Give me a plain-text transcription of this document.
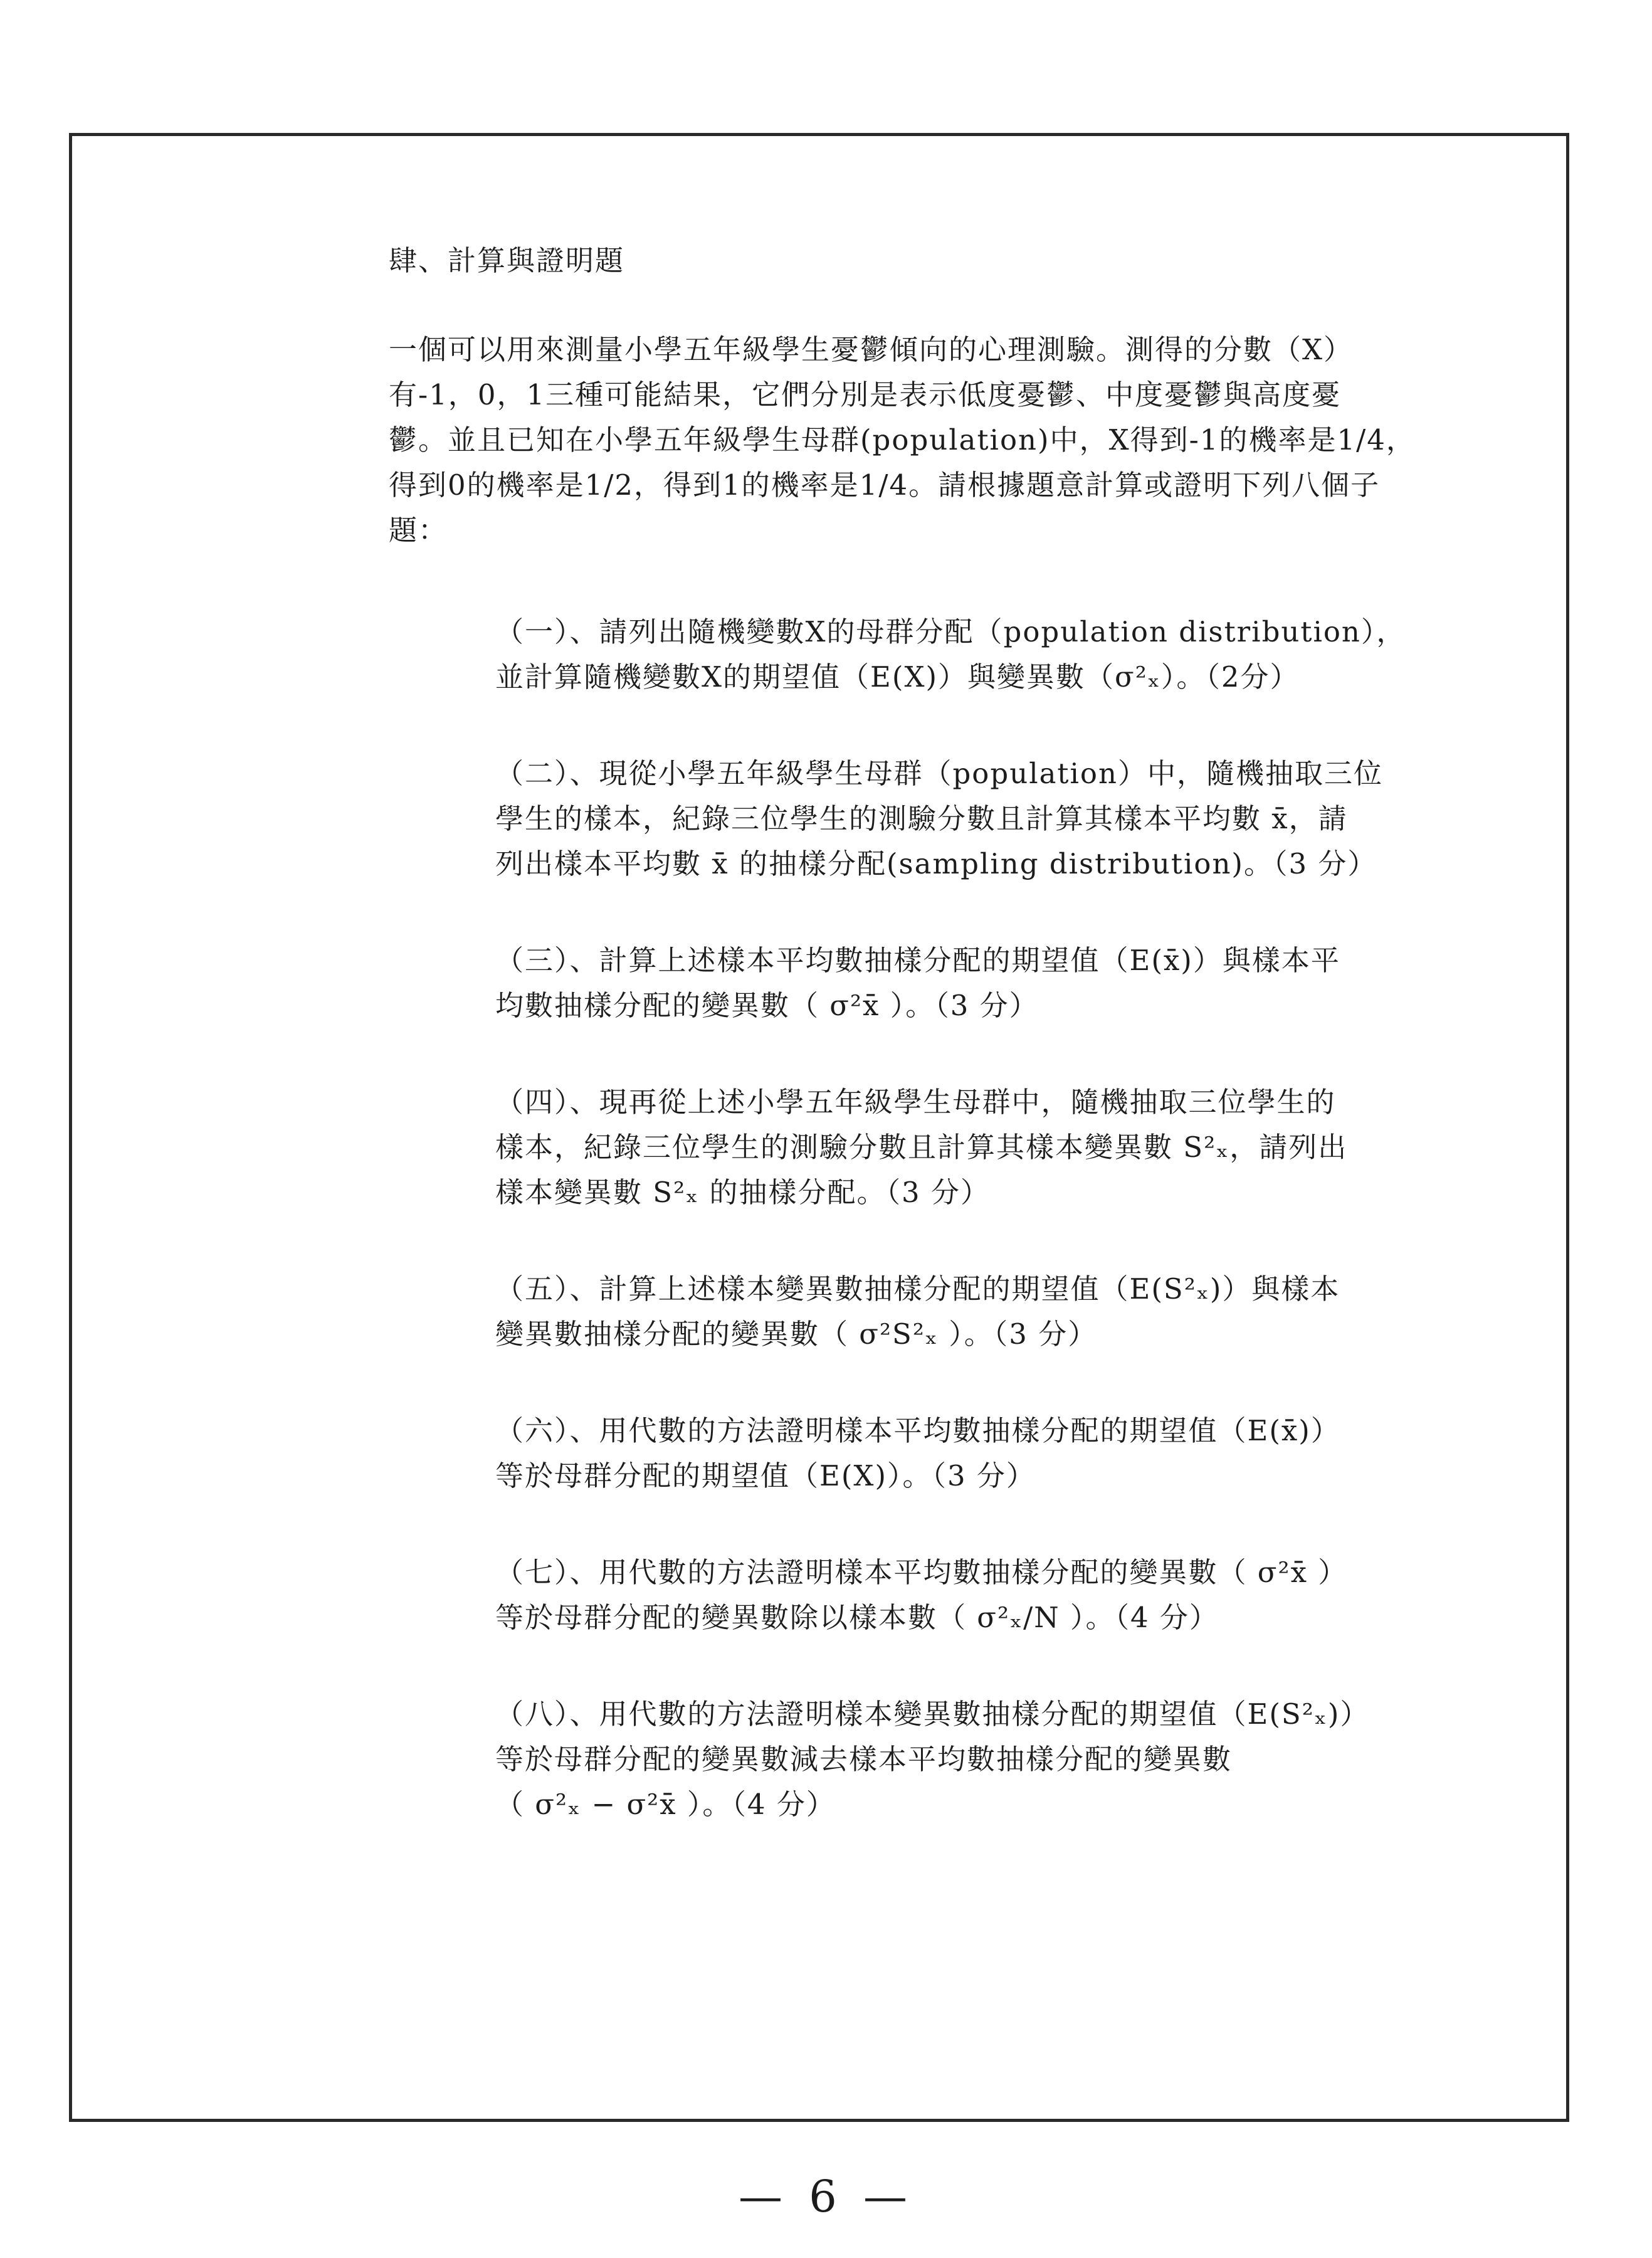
肆、計算與證明題
一個可以用來測量小學五年級學生憂鬱傾向的心理測驗。測得的分數（X）
有-1，0，1三種可能結果，它們分別是表示低度憂鬱、中度憂鬱與高度憂
鬱。並且已知在小學五年級學生母群(population)中，X得到-1的機率是1/4，
得到0的機率是1/2，得到1的機率是1/4。請根據題意計算或證明下列八個子
題：
（一）、請列出隨機變數X的母群分配（population distribution），
並計算隨機變數X的期望值（E(X)）與變異數（σ²ₓ）。（2分）
（二）、現從小學五年級學生母群（population）中，隨機抽取三位
學生的樣本，紀錄三位學生的測驗分數且計算其樣本平均數 x̄，請
列出樣本平均數 x̄ 的抽樣分配(sampling distribution)。（3 分）
（三）、計算上述樣本平均數抽樣分配的期望值（E(x̄)）與樣本平
均數抽樣分配的變異數（ σ²x̄ ）。（3 分）
（四）、現再從上述小學五年級學生母群中，隨機抽取三位學生的
樣本，紀錄三位學生的測驗分數且計算其樣本變異數 S²ₓ，請列出
樣本變異數 S²ₓ 的抽樣分配。（3 分）
（五）、計算上述樣本變異數抽樣分配的期望值（E(S²ₓ)）與樣本
變異數抽樣分配的變異數（ σ²S²ₓ ）。（3 分）
（六）、用代數的方法證明樣本平均數抽樣分配的期望值（E(x̄)）
等於母群分配的期望值（E(X)）。（3 分）
（七）、用代數的方法證明樣本平均數抽樣分配的變異數（ σ²x̄ ）
等於母群分配的變異數除以樣本數（ σ²ₓ/N ）。（4 分）
（八）、用代數的方法證明樣本變異數抽樣分配的期望值（E(S²ₓ)）
等於母群分配的變異數減去樣本平均數抽樣分配的變異數
（ σ²ₓ − σ²x̄ ）。（4 分）
— 6 —
